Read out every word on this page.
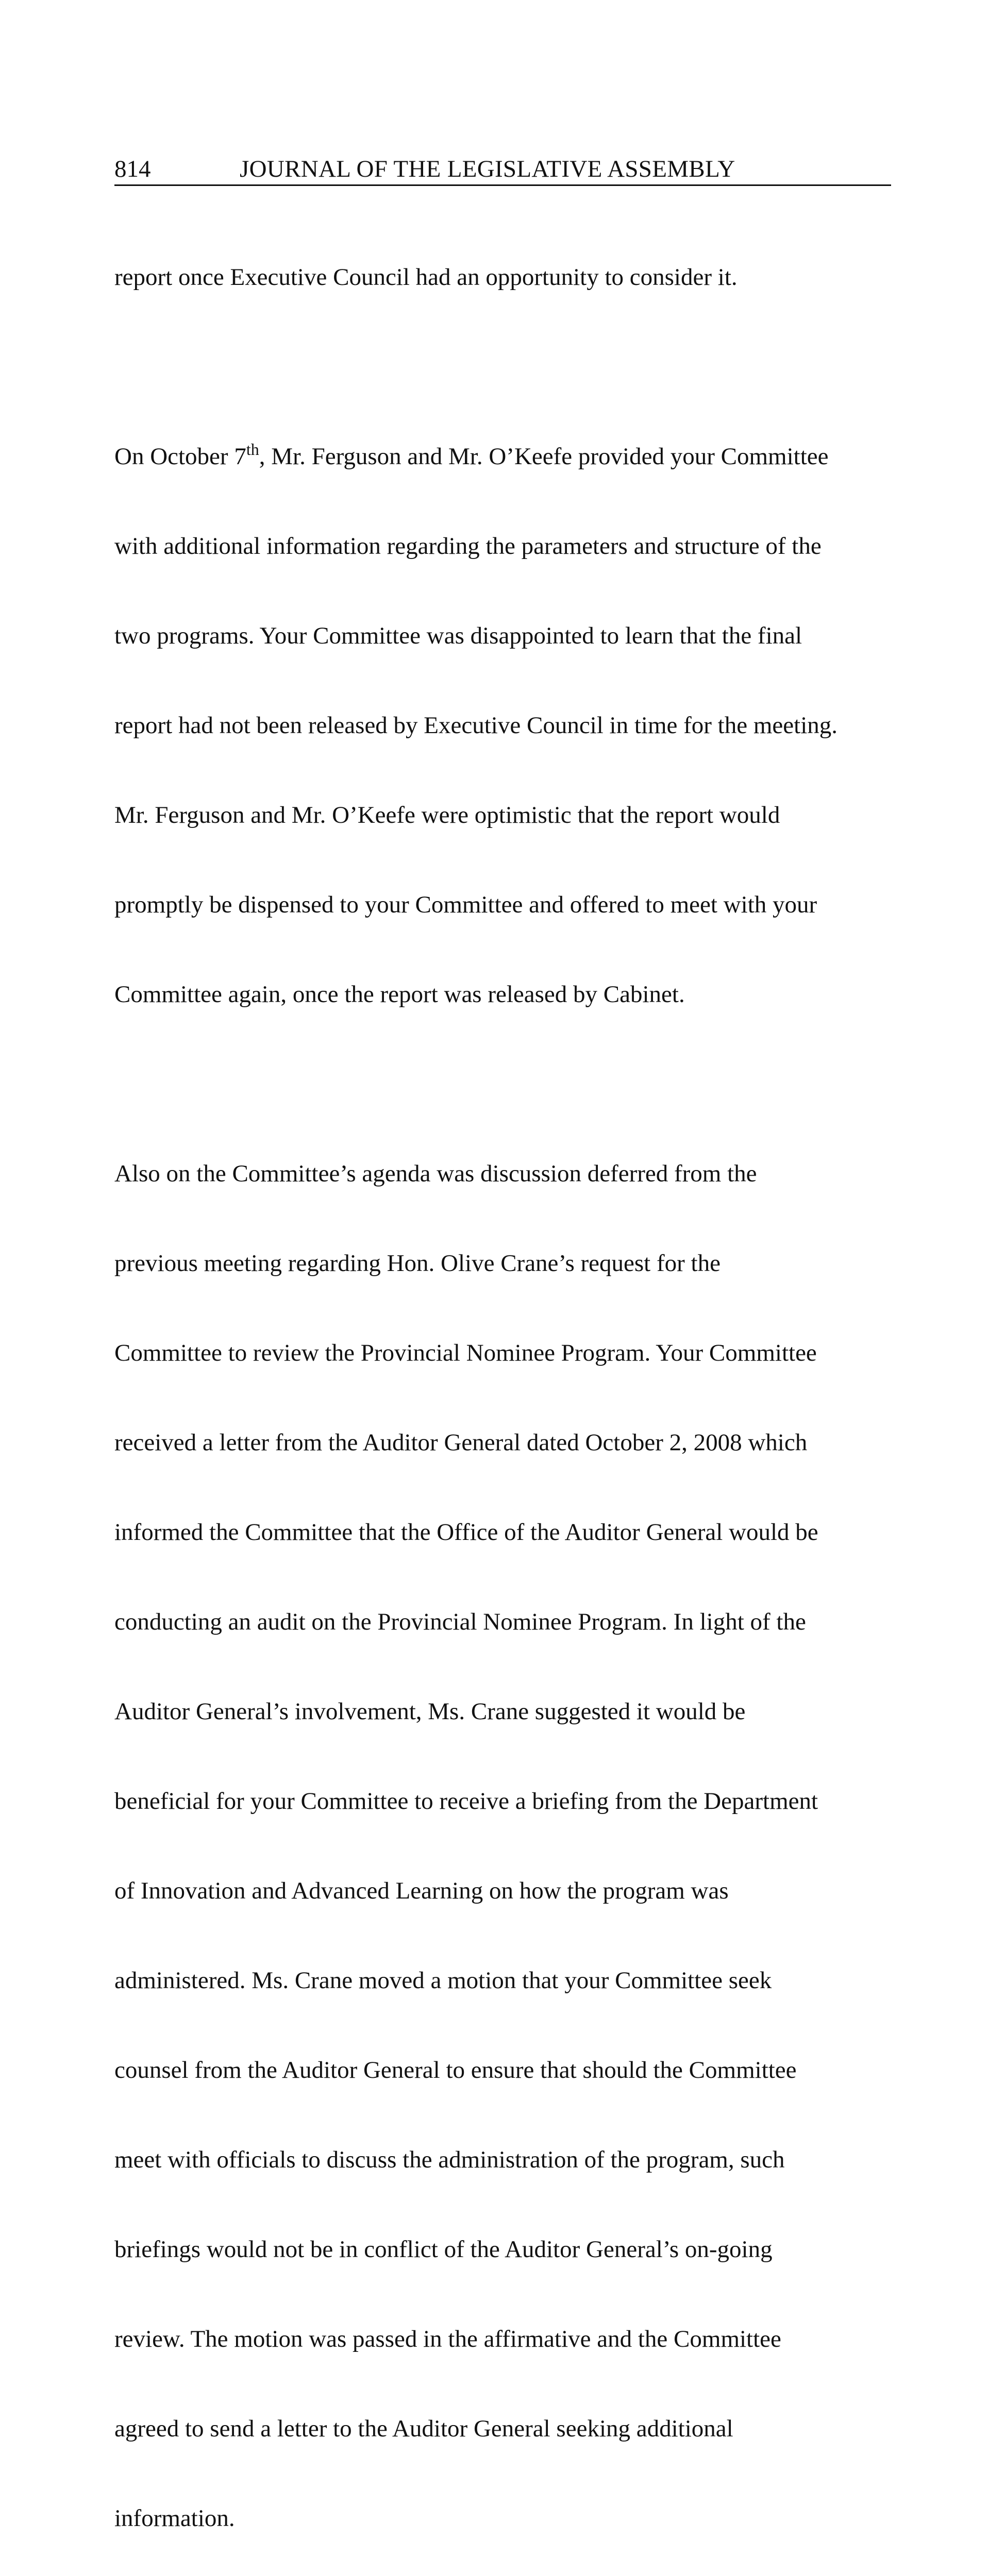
814	JOURNAL OF THE LEGISLATIVE ASSEMBLY

report once Executive Council had an opportunity to consider it.

On October 7th, Mr. Ferguson and Mr. O’Keefe provided your Committee

with additional information regarding the parameters and structure of the

two programs. Your Committee was disappointed to learn that the final

report had not been released by Executive Council in time for the meeting.

Mr. Ferguson and Mr. O’Keefe were optimistic that the report would

promptly be dispensed to your Committee and offered to meet with your

Committee again, once the report was released by Cabinet.

Also on the Committee’s agenda was discussion deferred from the

previous meeting regarding Hon. Olive Crane’s request for the

Committee to review the Provincial Nominee Program. Your Committee

received a letter from the Auditor General dated October 2, 2008 which

informed the Committee that the Office of the Auditor General would be

conducting an audit on the Provincial Nominee Program. In light of the

Auditor General’s involvement, Ms. Crane suggested it would be

beneficial for your Committee to receive a briefing from the Department

of Innovation and Advanced Learning on how the program was

administered. Ms. Crane moved a motion that your Committee seek

counsel from the Auditor General to ensure that should the Committee

meet with officials to discuss the administration of the program, such

briefings would not be in conflict of the Auditor General’s on-going

review. The motion was passed in the affirmative and the Committee

agreed to send a letter to the Auditor General seeking additional

information.
